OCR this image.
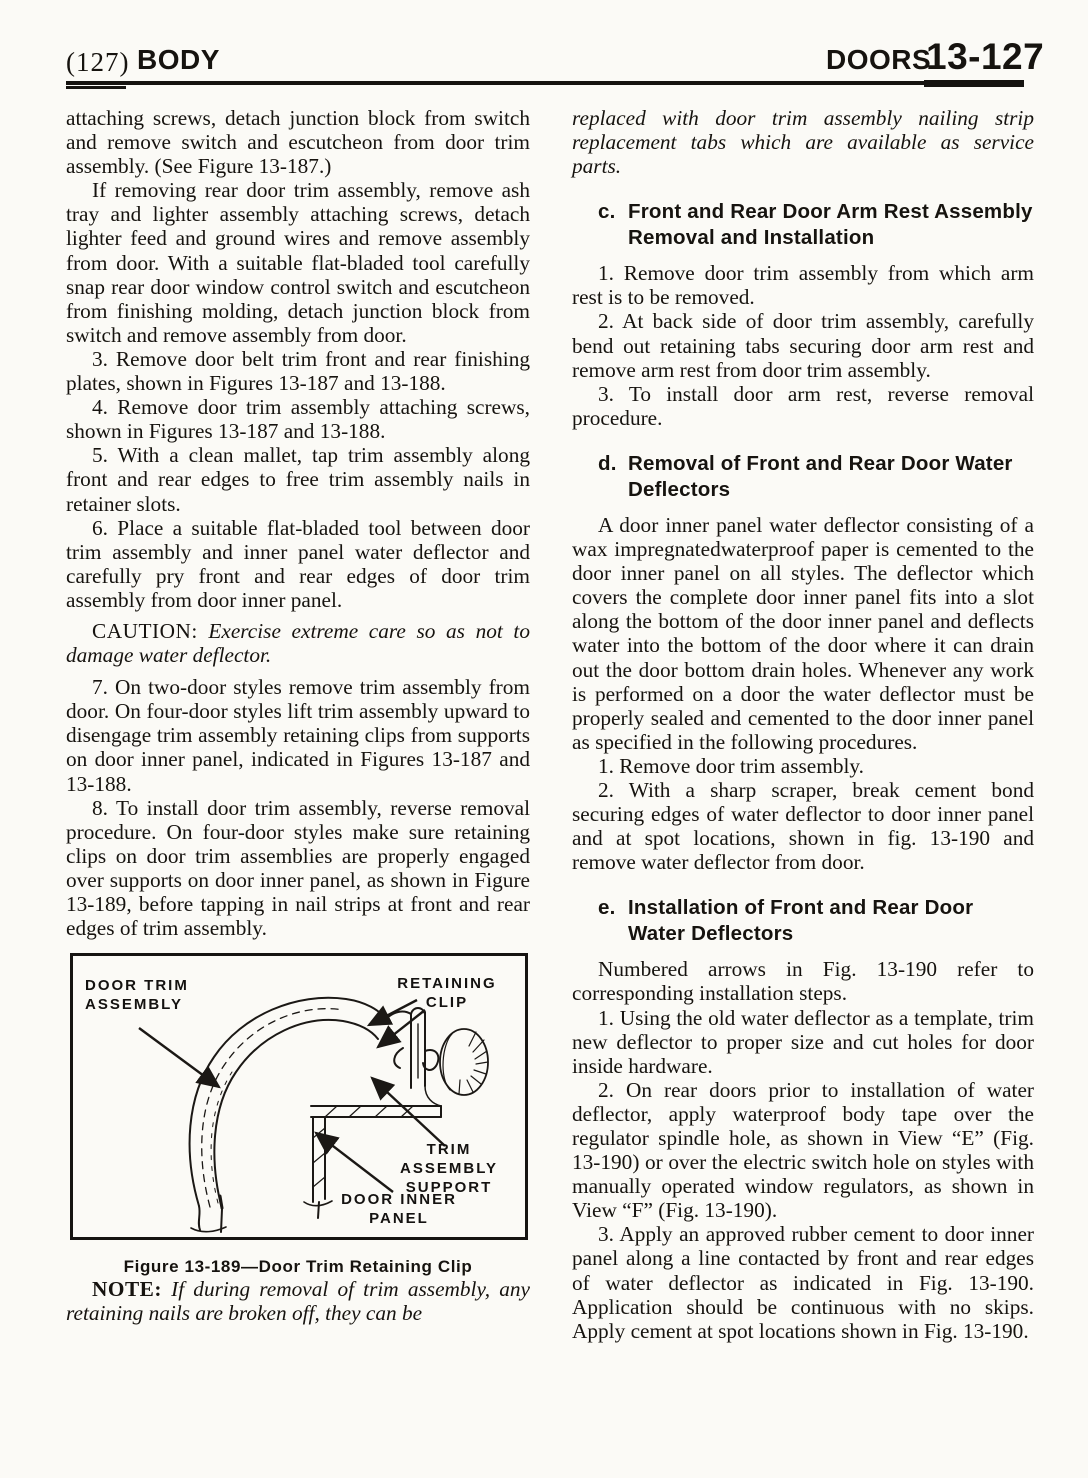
(127) BODY	DOORS
13-127

attaching screws, detach junction block from switch and remove switch and escutcheon from door trim assembly. (See Figure 13-187.)

If removing rear door trim assembly, remove ash tray and lighter assembly attaching screws, detach lighter feed and ground wires and remove assembly from door. With a suitable flat-bladed tool carefully snap rear door window control switch and escutcheon from finishing molding, detach junction block from switch and remove assembly from door.

3. Remove door belt trim front and rear finishing plates, shown in Figures 13-187 and 13-188.

4. Remove door trim assembly attaching screws, shown in Figures 13-187 and 13-188.

5. With a clean mallet, tap trim assembly along front and rear edges to free trim assembly nails in retainer slots.

6. Place a suitable flat-bladed tool between door trim assembly and inner panel water deflector and carefully pry front and rear edges of door trim assembly from door inner panel.

CAUTION: Exercise extreme care so as not to damage water deflector.

7. On two-door styles remove trim assembly from door. On four-door styles lift trim assembly upward to disengage trim assembly retaining clips from supports on door inner panel, indicated in Figures 13-187 and 13-188.

8. To install door trim assembly, reverse removal procedure. On four-door styles make sure retaining clips on door trim assemblies are properly engaged over supports on door inner panel, as shown in Figure 13-189, before tapping in nail strips at front and rear edges of trim assembly.

DOOR TRIM ASSEMBLY
RETAINING CLIP
TRIM ASSEMBLY SUPPORT
DOOR INNER PANEL
Figure 13-189—Door Trim Retaining Clip

NOTE: If during removal of trim assembly, any retaining nails are broken off, they can be

replaced with door trim assembly nailing strip replacement tabs which are available as service parts.

c. Front and Rear Door Arm Rest Assembly Removal and Installation

1. Remove door trim assembly from which arm rest is to be removed.

2. At back side of door trim assembly, carefully bend out retaining tabs securing door arm rest and remove arm rest from door trim assembly.

3. To install door arm rest, reverse removal procedure.

d. Removal of Front and Rear Door Water Deflectors

A door inner panel water deflector consisting of a wax impregnatedwaterproof paper is cemented to the door inner panel on all styles. The deflector which covers the complete door inner panel fits into a slot along the bottom of the door inner panel and deflects water into the bottom of the door where it can drain out the door bottom drain holes. Whenever any work is performed on a door the water deflector must be properly sealed and cemented to the door inner panel as specified in the following procedures.

1. Remove door trim assembly.

2. With a sharp scraper, break cement bond securing edges of water deflector to door inner panel and at spot locations, shown in fig. 13-190 and remove water deflector from door.

e. Installation of Front and Rear Door Water Deflectors

Numbered arrows in Fig. 13-190 refer to corresponding installation steps.

1. Using the old water deflector as a template, trim new deflector to proper size and cut holes for door inside hardware.

2. On rear doors prior to installation of water deflector, apply waterproof body tape over the regulator spindle hole, as shown in View “E” (Fig. 13-190) or over the electric switch hole on styles with manually operated window regulators, as shown in View “F” (Fig. 13-190).

3. Apply an approved rubber cement to door inner panel along a line contacted by front and rear edges of water deflector as indicated in Fig. 13-190. Application should be continuous with no skips. Apply cement at spot locations shown in Fig. 13-190.
